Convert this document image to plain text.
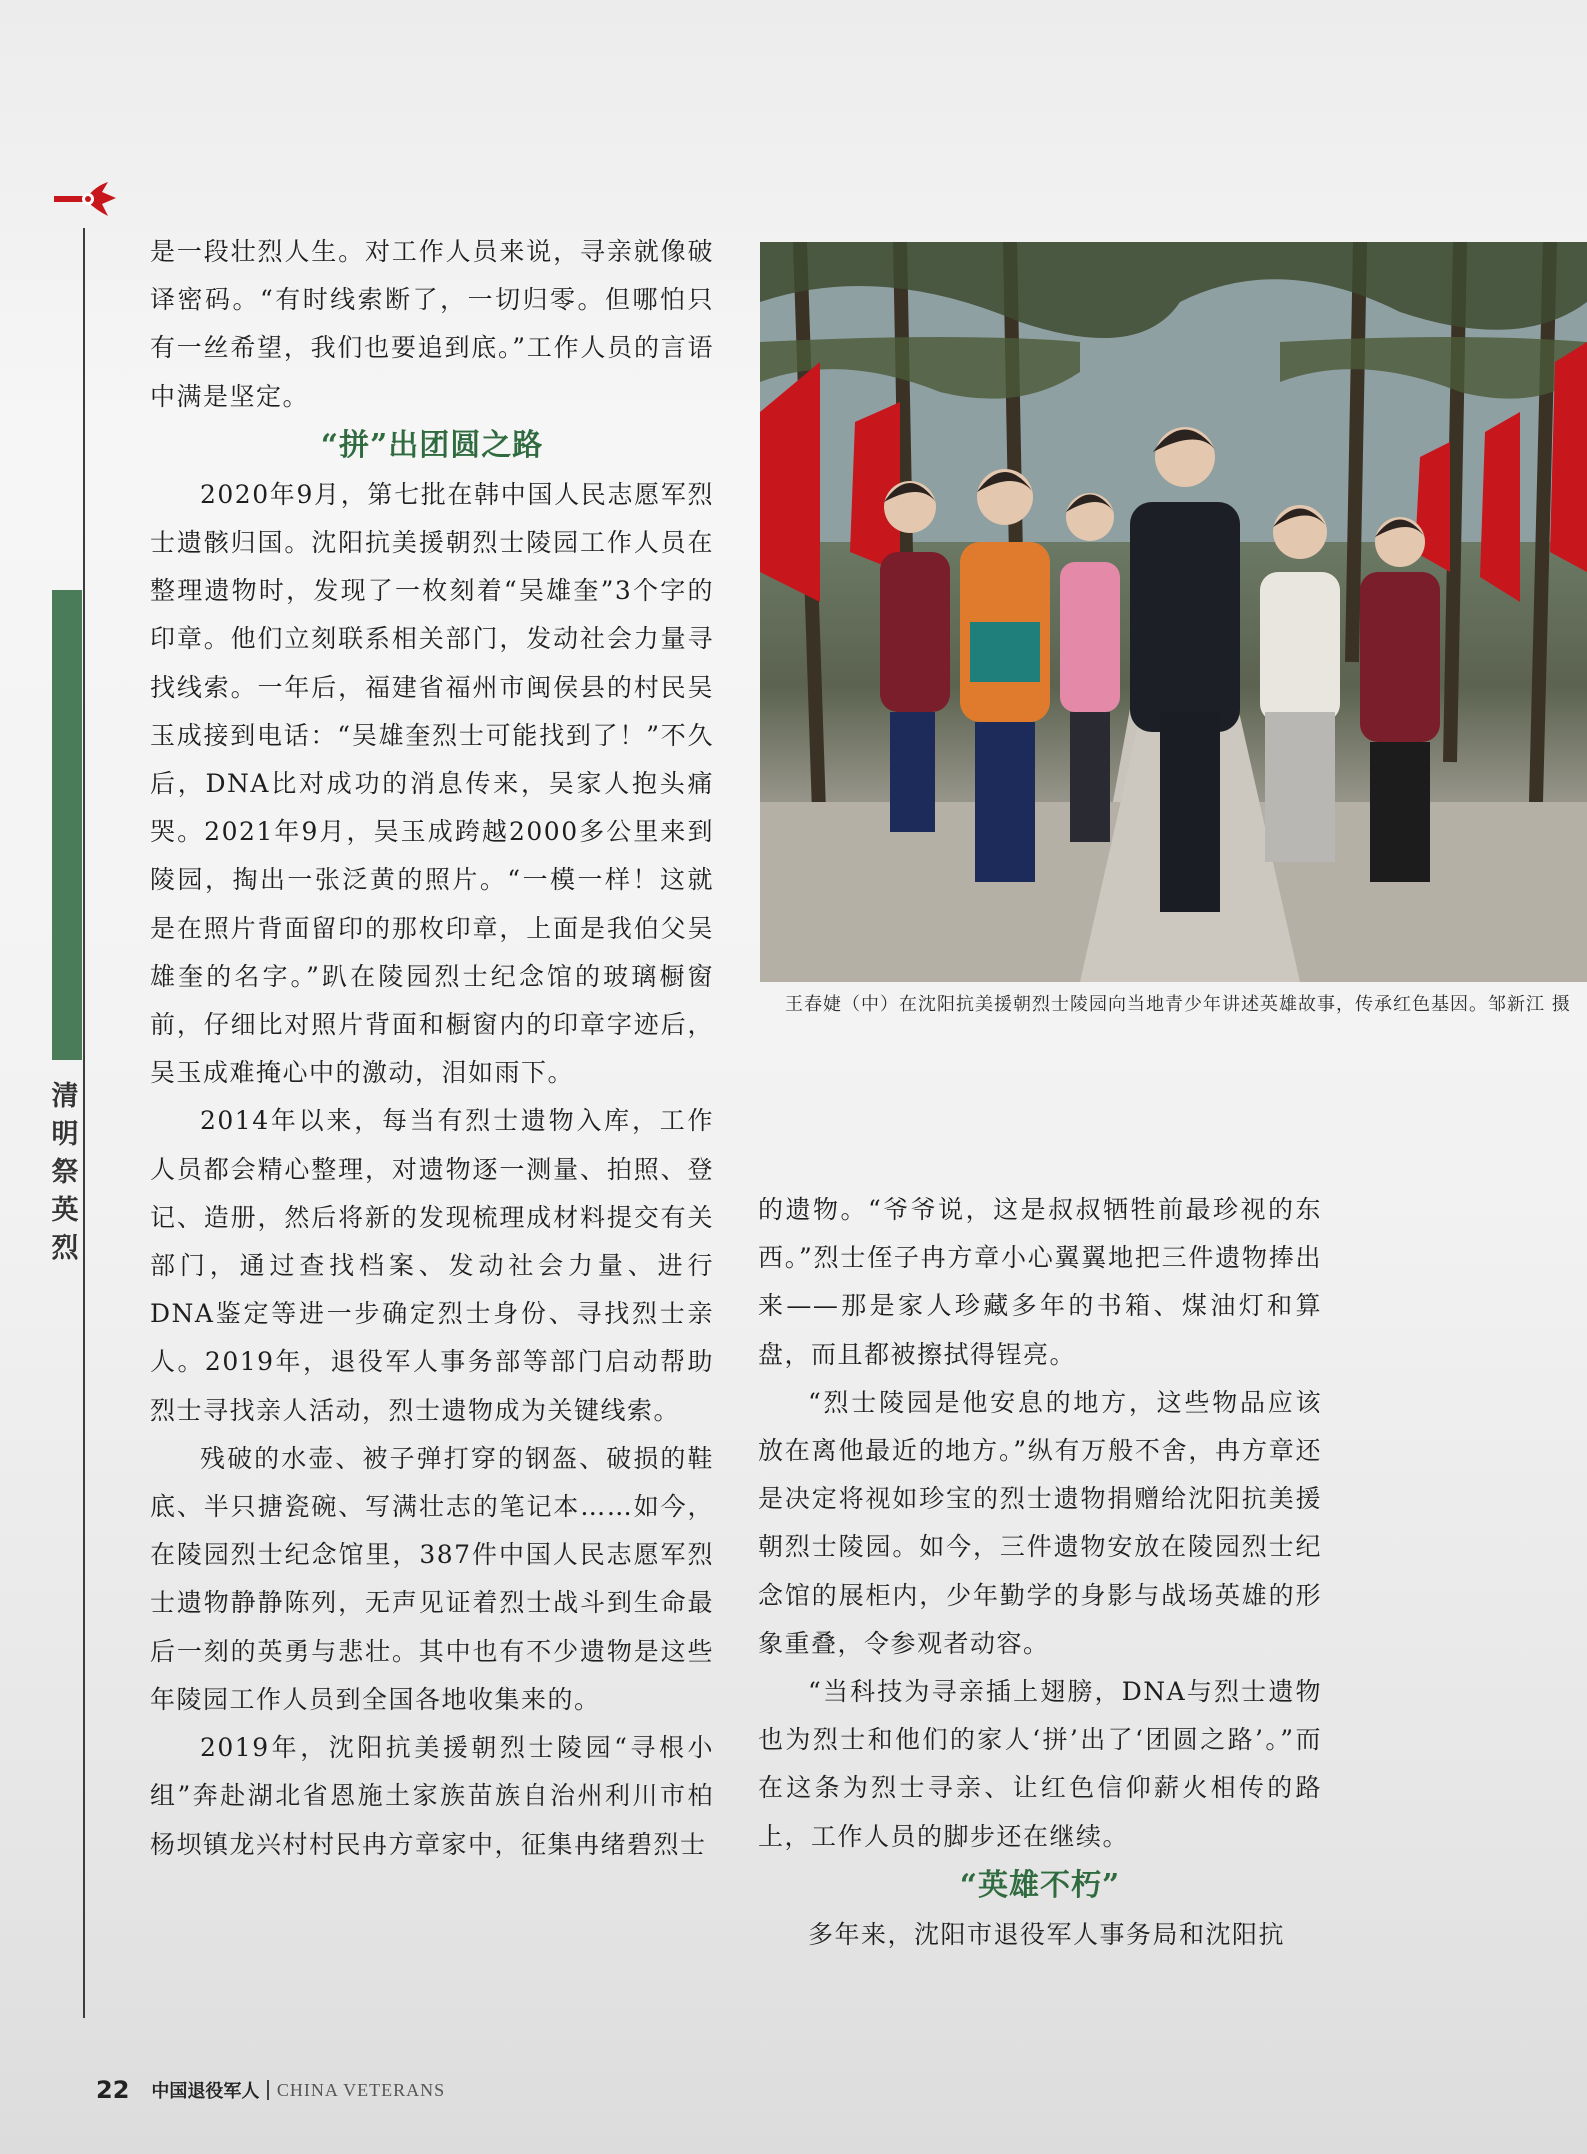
清明祭英烈

是一段壮烈人生。对工作人员来说，寻亲就像破译密码。“有时线索断了，一切归零。但哪怕只有一丝希望，我们也要追到底。”工作人员的言语中满是坚定。

“拼”出团圆之路

2020年9月，第七批在韩中国人民志愿军烈士遗骸归国。沈阳抗美援朝烈士陵园工作人员在整理遗物时，发现了一枚刻着“吴雄奎”3个字的印章。他们立刻联系相关部门，发动社会力量寻找线索。一年后，福建省福州市闽侯县的村民吴玉成接到电话：“吴雄奎烈士可能找到了！”不久后，DNA比对成功的消息传来，吴家人抱头痛哭。2021年9月，吴玉成跨越2000多公里来到陵园，掏出一张泛黄的照片。“一模一样！这就是在照片背面留印的那枚印章，上面是我伯父吴雄奎的名字。”趴在陵园烈士纪念馆的玻璃橱窗前，仔细比对照片背面和橱窗内的印章字迹后，吴玉成难掩心中的激动，泪如雨下。

2014年以来，每当有烈士遗物入库，工作人员都会精心整理，对遗物逐一测量、拍照、登记、造册，然后将新的发现梳理成材料提交有关部门，通过查找档案、发动社会力量、进行DNA鉴定等进一步确定烈士身份、寻找烈士亲人。2019年，退役军人事务部等部门启动帮助烈士寻找亲人活动，烈士遗物成为关键线索。

残破的水壶、被子弹打穿的钢盔、破损的鞋底、半只搪瓷碗、写满壮志的笔记本……如今，在陵园烈士纪念馆里，387件中国人民志愿军烈士遗物静静陈列，无声见证着烈士战斗到生命最后一刻的英勇与悲壮。其中也有不少遗物是这些年陵园工作人员到全国各地收集来的。

2019年，沈阳抗美援朝烈士陵园“寻根小组”奔赴湖北省恩施土家族苗族自治州利川市柏杨坝镇龙兴村村民冉方章家中，征集冉绪碧烈士

王春婕（中）在沈阳抗美援朝烈士陵园向当地青少年讲述英雄故事，传承红色基因。邹新江 摄

的遗物。“爷爷说，这是叔叔牺牲前最珍视的东西。”烈士侄子冉方章小心翼翼地把三件遗物捧出来——那是家人珍藏多年的书箱、煤油灯和算盘，而且都被擦拭得锃亮。

“烈士陵园是他安息的地方，这些物品应该放在离他最近的地方。”纵有万般不舍，冉方章还是决定将视如珍宝的烈士遗物捐赠给沈阳抗美援朝烈士陵园。如今，三件遗物安放在陵园烈士纪念馆的展柜内，少年勤学的身影与战场英雄的形象重叠，令参观者动容。

“当科技为寻亲插上翅膀，DNA与烈士遗物也为烈士和他们的家人‘拼’出了‘团圆之路’。”而在这条为烈士寻亲、让红色信仰薪火相传的路上，工作人员的脚步还在继续。

“英雄不朽”

多年来，沈阳市退役军人事务局和沈阳抗

22 中国退役军人 CHINA VETERANS
